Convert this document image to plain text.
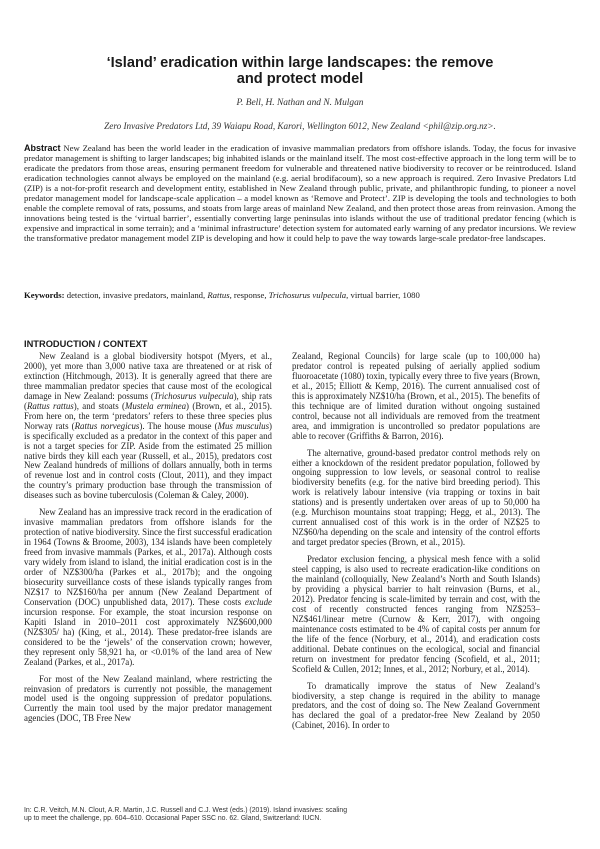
‘Island’ eradication within large landscapes: the remove
and protect model
P. Bell, H. Nathan and N. Mulgan
Zero Invasive Predators Ltd, 39 Waiapu Road, Karori, Wellington 6012, New Zealand <phil@zip.org.nz>.
Abstract New Zealand has been the world leader in the eradication of invasive mammalian predators from offshore islands. Today, the focus for invasive predator management is shifting to larger landscapes; big inhabited islands or the mainland itself. The most cost-effective approach in the long term will be to eradicate the predators from those areas, ensuring permanent freedom for vulnerable and threatened native biodiversity to recover or be reintroduced. Island eradication technologies cannot always be employed on the mainland (e.g. aerial brodifacoum), so a new approach is required. Zero Invasive Predators Ltd (ZIP) is a not-for-profit research and development entity, established in New Zealand through public, private, and philanthropic funding, to pioneer a novel predator management model for landscape-scale application – a model known as ‘Remove and Protect’. ZIP is developing the tools and technologies to both enable the complete removal of rats, possums, and stoats from large areas of mainland New Zealand, and then protect those areas from reinvasion. Among the innovations being tested is the ‘virtual barrier’, essentially converting large peninsulas into islands without the use of traditional predator fencing (which is expensive and impractical in some terrain); and a ‘minimal infrastructure’ detection system for automated early warning of any predator incursions. We review the transformative predator management model ZIP is developing and how it could help to pave the way towards large-scale predator-free landscapes.
Keywords: detection, invasive predators, mainland, Rattus, response, Trichosurus vulpecula, virtual barrier, 1080
INTRODUCTION / CONTEXT

New Zealand is a global biodiversity hotspot (Myers, et al., 2000), yet more than 3,000 native taxa are threatened or at risk of extinction (Hitchmough, 2013). It is generally agreed that there are three mammalian predator species that cause most of the ecological damage in New Zealand: possums (Trichosurus vulpecula), ship rats (Rattus rattus), and stoats (Mustela erminea) (Brown, et al., 2015). From here on, the term ‘predators’ refers to these three species plus Norway rats (Rattus norvegicus). The house mouse (Mus musculus) is specifically excluded as a predator in the context of this paper and is not a target species for ZIP. Aside from the estimated 25 million native birds they kill each year (Russell, et al., 2015), predators cost New Zealand hundreds of millions of dollars annually, both in terms of revenue lost and in control costs (Clout, 2011), and they impact the country’s primary production base through the transmission of diseases such as bovine tuberculosis (Coleman & Caley, 2000).

New Zealand has an impressive track record in the eradication of invasive mammalian predators from offshore islands for the protection of native biodiversity. Since the first successful eradication in 1964 (Towns & Broome, 2003), 134 islands have been completely freed from invasive mammals (Parkes, et al., 2017a). Although costs vary widely from island to island, the initial eradication cost is in the order of NZ$300/ha (Parkes et al., 2017b); and the ongoing biosecurity surveillance costs of these islands typically ranges from NZ$17 to NZ$160/ha per annum (New Zealand Department of Conservation (DOC) unpublished data, 2017). These costs exclude incursion response. For example, the stoat incursion response on Kapiti Island in 2010–2011 cost approximately NZ$600,000 (NZ$305/ ha) (King, et al., 2014). These predator-free islands are considered to be the ‘jewels’ of the conservation crown; however, they represent only 58,921 ha, or <0.01% of the land area of New Zealand (Parkes, et al., 2017a).

For most of the New Zealand mainland, where restricting the reinvasion of predators is currently not possible, the management model used is the ongoing suppression of predator populations. Currently the main tool used by the major predator management agencies (DOC, TB Free New

Zealand, Regional Councils) for large scale (up to 100,000 ha) predator control is repeated pulsing of aerially applied sodium fluoroacetate (1080) toxin, typically every three to five years (Brown, et al., 2015; Elliott & Kemp, 2016). The current annualised cost of this is approximately NZ$10/ha (Brown, et al., 2015). The benefits of this technique are of limited duration without ongoing sustained control, because not all individuals are removed from the treatment area, and immigration is uncontrolled so predator populations are able to recover (Griffiths & Barron, 2016).

The alternative, ground-based predator control methods rely on either a knockdown of the resident predator population, followed by ongoing suppression to low levels, or seasonal control to realise biodiversity benefits (e.g. for the native bird breeding period). This work is relatively labour intensive (via trapping or toxins in bait stations) and is presently undertaken over areas of up to 50,000 ha (e.g. Murchison mountains stoat trapping; Hegg, et al., 2013). The current annualised cost of this work is in the order of NZ$25 to NZ$60/ha depending on the scale and intensity of the control efforts and target predator species (Brown, et al., 2015).

Predator exclusion fencing, a physical mesh fence with a solid steel capping, is also used to recreate eradication-like conditions on the mainland (colloquially, New Zealand’s North and South Islands) by providing a physical barrier to halt reinvasion (Burns, et al., 2012). Predator fencing is scale-limited by terrain and cost, with the cost of recently constructed fences ranging from NZ$253–NZ$461/linear metre (Curnow & Kerr, 2017), with ongoing maintenance costs estimated to be 4% of capital costs per annum for the life of the fence (Norbury, et al., 2014), and eradication costs additional. Debate continues on the ecological, social and financial return on investment for predator fencing (Scofield, et al., 2011; Scofield & Cullen, 2012; Innes, et al., 2012; Norbury, et al., 2014).

To dramatically improve the status of New Zealand’s biodiversity, a step change is required in the ability to manage predators, and the cost of doing so. The New Zealand Government has declared the goal of a predator-free New Zealand by 2050 (Cabinet, 2016). In order to

In: C.R. Veitch, M.N. Clout, A.R. Martin, J.C. Russell and C.J. West (eds.) (2019). Island invasives: scaling
up to meet the challenge, pp. 604–610. Occasional Paper SSC no. 62. Gland, Switzerland: IUCN.
